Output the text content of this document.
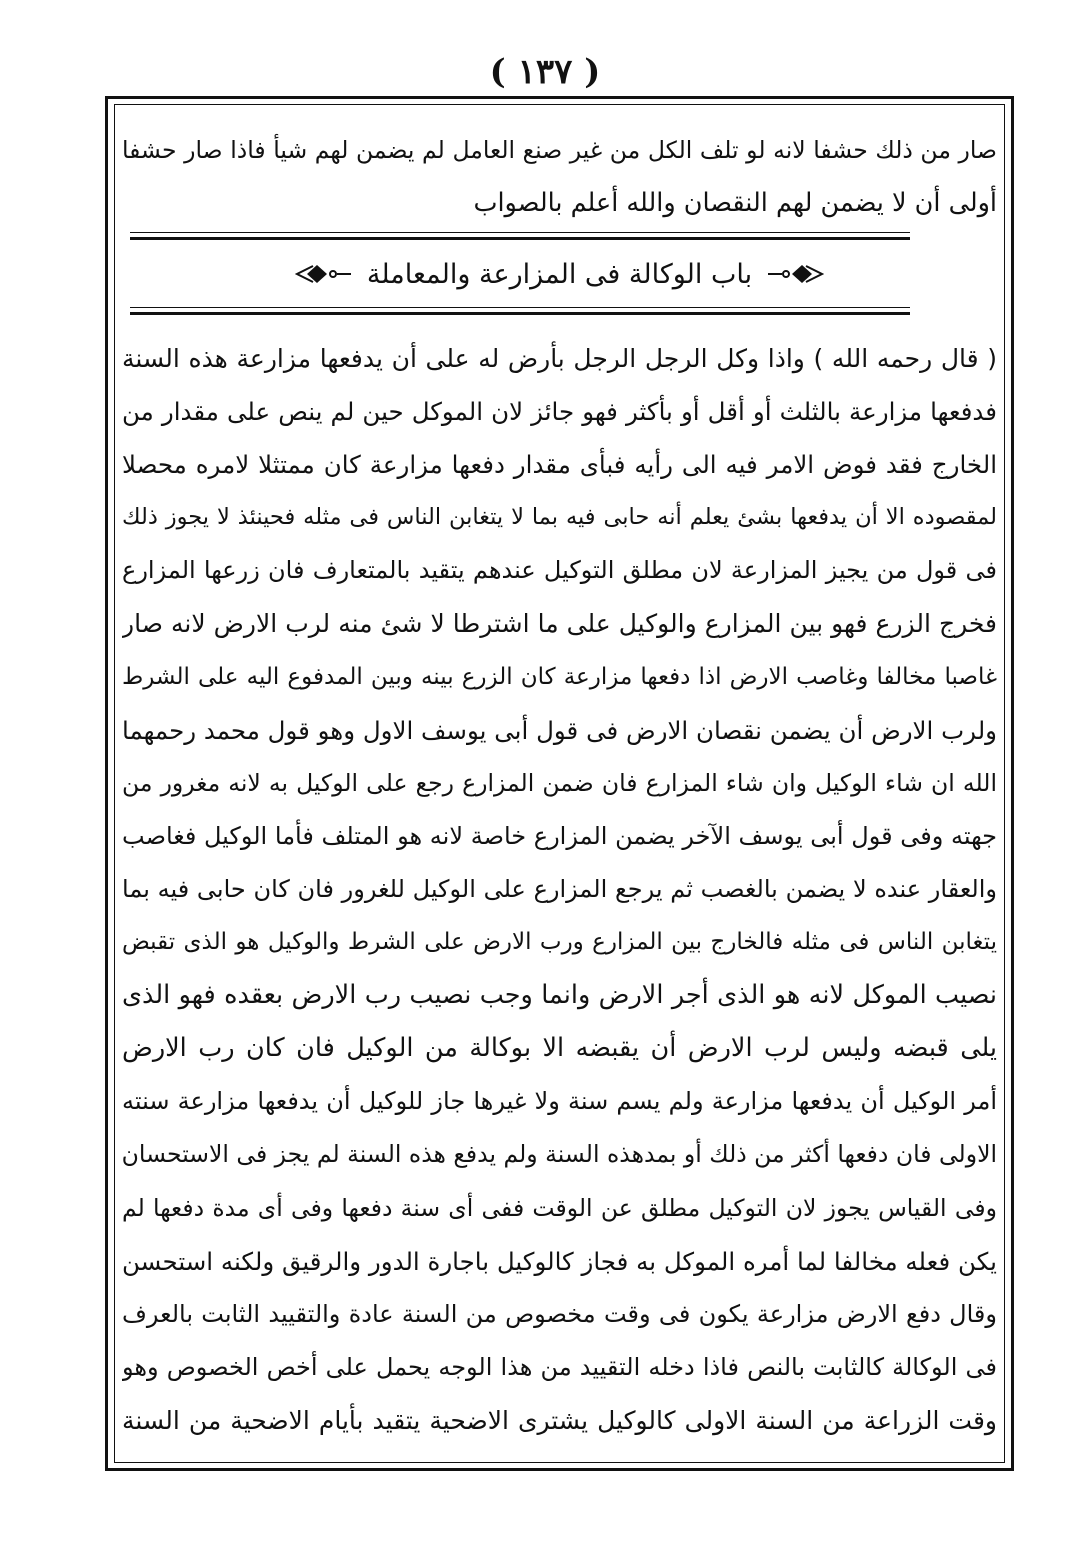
( ١٣٧ )
صار من ذلك حشفا لانه لو تلف الكل من غير صنع العامل لم يضمن لهم شيأ فاذا صار حشفا
أولى أن لا يضمن لهم النقصان والله أعلم بالصواب
باب الوكالة فى المزارعة والمعاملة
( قال رحمه الله ) واذا وكل الرجل الرجل بأرض له على أن يدفعها مزارعة هذه السنة
فدفعها مزارعة بالثلث أو أقل أو بأكثر فهو جائز لان الموكل حين لم ينص على مقدار من
الخارج فقد فوض الامر فيه الى رأيه فبأى مقدار دفعها مزارعة كان ممتثلا لامره محصلا
لمقصوده الا أن يدفعها بشئ يعلم أنه حابى فيه بما لا يتغابن الناس فى مثله فحينئذ لا يجوز ذلك
فى قول من يجيز المزارعة لان مطلق التوكيل عندهم يتقيد بالمتعارف فان زرعها المزارع
فخرج الزرع فهو بين المزارع والوكيل على ما اشترطا لا شئ منه لرب الارض لانه صار
غاصبا مخالفا وغاصب الارض اذا دفعها مزارعة كان الزرع بينه وبين المدفوع اليه على الشرط
ولرب الارض أن يضمن نقصان الارض فى قول أبى يوسف الاول وهو قول محمد رحمهما
الله ان شاء الوكيل وان شاء المزارع فان ضمن المزارع رجع على الوكيل به لانه مغرور من
جهته وفى قول أبى يوسف الآخر يضمن المزارع خاصة لانه هو المتلف فأما الوكيل فغاصب
والعقار عنده لا يضمن بالغصب ثم يرجع المزارع على الوكيل للغرور فان كان حابى فيه بما
يتغابن الناس فى مثله فالخارج بين المزارع ورب الارض على الشرط والوكيل هو الذى تقبض
نصيب الموكل لانه هو الذى أجر الارض وانما وجب نصيب رب الارض بعقده فهو الذى
يلى قبضه وليس لرب الارض أن يقبضه الا بوكالة من الوكيل فان كان رب الارض
أمر الوكيل أن يدفعها مزارعة ولم يسم سنة ولا غيرها جاز للوكيل أن يدفعها مزارعة سنته
الاولى فان دفعها أكثر من ذلك أو بمدهذه السنة ولم يدفع هذه السنة لم يجز فى الاستحسان
وفى القياس يجوز لان التوكيل مطلق عن الوقت ففى أى سنة دفعها وفى أى مدة دفعها لم
يكن فعله مخالفا لما أمره الموكل به فجاز كالوكيل باجارة الدور والرقيق ولكنه استحسن
وقال دفع الارض مزارعة يكون فى وقت مخصوص من السنة عادة والتقييد الثابت بالعرف
فى الوكالة كالثابت بالنص فاذا دخله التقييد من هذا الوجه يحمل على أخص الخصوص وهو
وقت الزراعة من السنة الاولى كالوكيل يشترى الاضحية يتقيد بأيام الاضحية من السنة
